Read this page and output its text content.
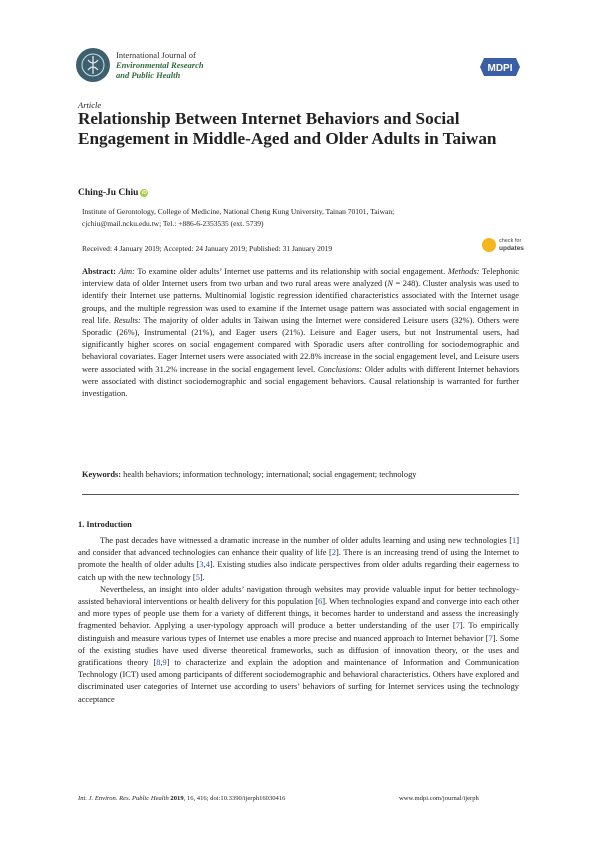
International Journal of
Environmental Research
and Public Health
MDPI
Article
Relationship Between Internet Behaviors and Social Engagement in Middle-Aged and Older Adults in Taiwan
Ching-Ju Chiu iD
Institute of Gerontology, College of Medicine, National Cheng Kung University, Tainan 70101, Taiwan;
cjchiu@mail.ncku.edu.tw; Tel.: +886-6-2353535 (ext. 5739)
Received: 4 January 2019; Accepted: 24 January 2019; Published: 31 January 2019
check for
updates
Abstract: Aim: To examine older adults’ Internet use patterns and its relationship with social engagement. Methods: Telephonic interview data of older Internet users from two urban and two rural areas were analyzed (N = 248). Cluster analysis was used to identify their Internet use patterns. Multinomial logistic regression identified characteristics associated with the Internet usage groups, and the multiple regression was used to examine if the Internet usage pattern was associated with social engagement in real life. Results: The majority of older adults in Taiwan using the Internet were considered Leisure users (32%). Others were Sporadic (26%), Instrumental (21%), and Eager users (21%). Leisure and Eager users, but not Instrumental users, had significantly higher scores on social engagement compared with Sporadic users after controlling for sociodemographic and behavioral covariates. Eager Internet users were associated with 22.8% increase in the social engagement level, and Leisure users were associated with 31.2% increase in the social engagement level. Conclusions: Older adults with different Internet behaviors were associated with distinct sociodemographic and social engagement behaviors. Causal relationship is warranted for further investigation.
Keywords: health behaviors; information technology; international; social engagement; technology
1. Introduction

The past decades have witnessed a dramatic increase in the number of older adults learning and using new technologies [1] and consider that advanced technologies can enhance their quality of life [2]. There is an increasing trend of using the Internet to promote the health of older adults [3,4]. Existing studies also indicate perspectives from older adults regarding their eagerness to catch up with the new technology [5].

Nevertheless, an insight into older adults’ navigation through websites may provide valuable input for better technology-assisted behavioral interventions or health delivery for this population [6]. When technologies expand and converge into each other and more types of people use them for a variety of different things, it becomes harder to understand and assess the increasingly fragmented behavior. Applying a user-typology approach will produce a better understanding of the user [7]. To empirically distinguish and measure various types of Internet use enables a more precise and nuanced approach to Internet behavior [7]. Some of the existing studies have used diverse theoretical frameworks, such as diffusion of innovation theory, or the uses and gratifications theory [8,9] to characterize and explain the adoption and maintenance of Information and Communication Technology (ICT) used among participants of different sociodemographic and behavioral characteristics. Others have explored and discriminated user categories of Internet use according to users’ behaviors of surfing for Internet services using the technology acceptance

Int. J. Environ. Res. Public Health 2019, 16, 416; doi:10.3390/ijerph16030416	www.mdpi.com/journal/ijerph
